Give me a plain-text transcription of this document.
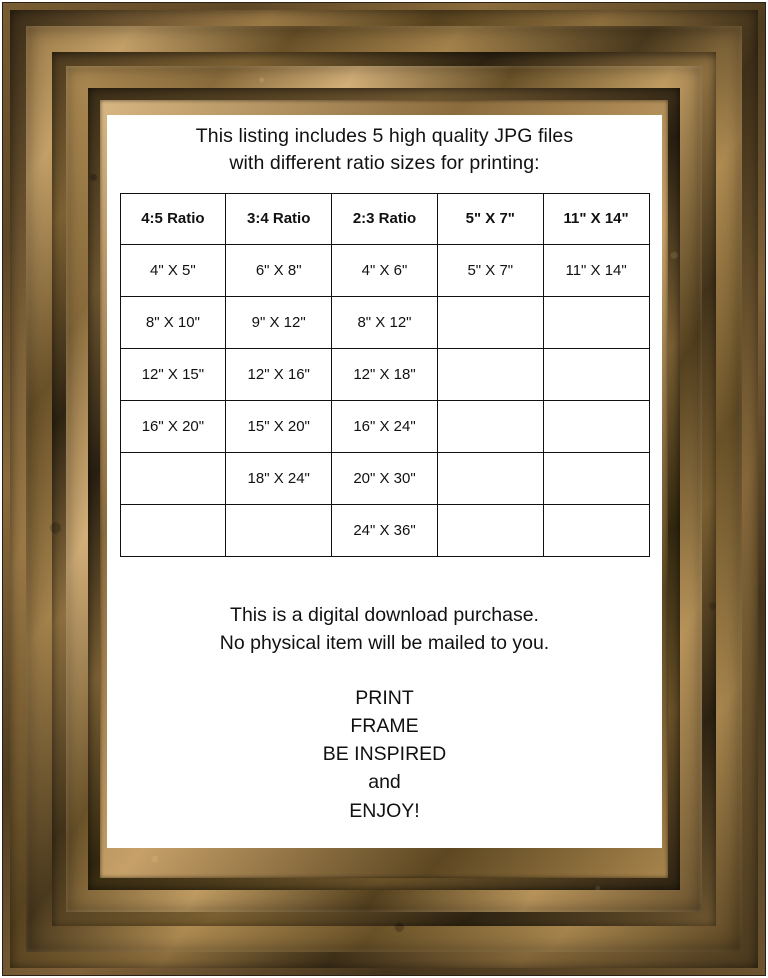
This listing includes 5 high quality JPG files
with different ratio sizes for printing:
4:5 Ratio	3:4 Ratio	2:3 Ratio	5" X 7"	11" X 14"
4" X 5"	6" X 8"	4" X 6"	5" X 7"	11" X 14"
8" X 10"	9" X 12"	8" X 12"		
12" X 15"	12" X 16"	12" X 18"		
16" X 20"	15" X 20"	16" X 24"		
	18" X 24"	20" X 30"		
		24" X 36"		
This is a digital download purchase.
No physical item will be mailed to you.
PRINT
FRAME
BE INSPIRED
and
ENJOY!
